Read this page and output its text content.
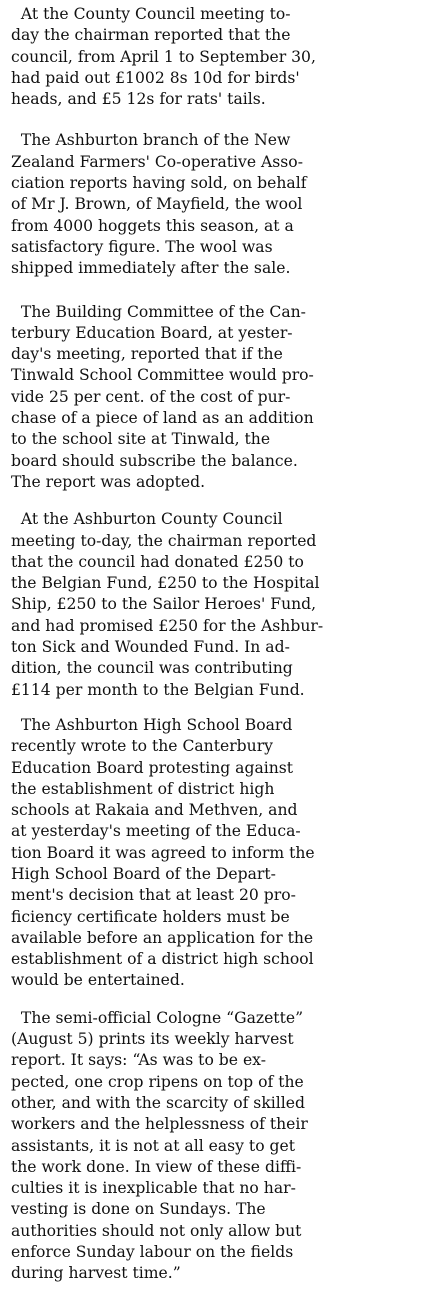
At the County Council meeting to-
day the chairman reported that the
council, from April 1 to September 30,
had paid out £1002 8s 10d for birds'
heads, and £5 12s for rats' tails.

The Ashburton branch of the New
Zealand Farmers' Co-operative Asso-
ciation reports having sold, on behalf
of Mr J. Brown, of Mayfield, the wool
from 4000 hoggets this season, at a
satisfactory figure. The wool was
shipped immediately after the sale.

The Building Committee of the Can-
terbury Education Board, at yester-
day's meeting, reported that if the
Tinwald School Committee would pro-
vide 25 per cent. of the cost of pur-
chase of a piece of land as an addition
to the school site at Tinwald, the
board should subscribe the balance.
The report was adopted.

At the Ashburton County Council
meeting to-day, the chairman reported
that the council had donated £250 to
the Belgian Fund, £250 to the Hospital
Ship, £250 to the Sailor Heroes' Fund,
and had promised £250 for the Ashbur-
ton Sick and Wounded Fund. In ad-
dition, the council was contributing
£114 per month to the Belgian Fund.

The Ashburton High School Board
recently wrote to the Canterbury
Education Board protesting against
the establishment of district high
schools at Rakaia and Methven, and
at yesterday's meeting of the Educa-
tion Board it was agreed to inform the
High School Board of the Depart-
ment's decision that at least 20 pro-
ficiency certificate holders must be
available before an application for the
establishment of a district high school
would be entertained.

The semi-official Cologne “Gazette”
(August 5) prints its weekly harvest
report. It says: “As was to be ex-
pected, one crop ripens on top of the
other, and with the scarcity of skilled
workers and the helplessness of their
assistants, it is not at all easy to get
the work done. In view of these diffi-
culties it is inexplicable that no har-
vesting is done on Sundays. The
authorities should not only allow but
enforce Sunday labour on the fields
during harvest time.”
